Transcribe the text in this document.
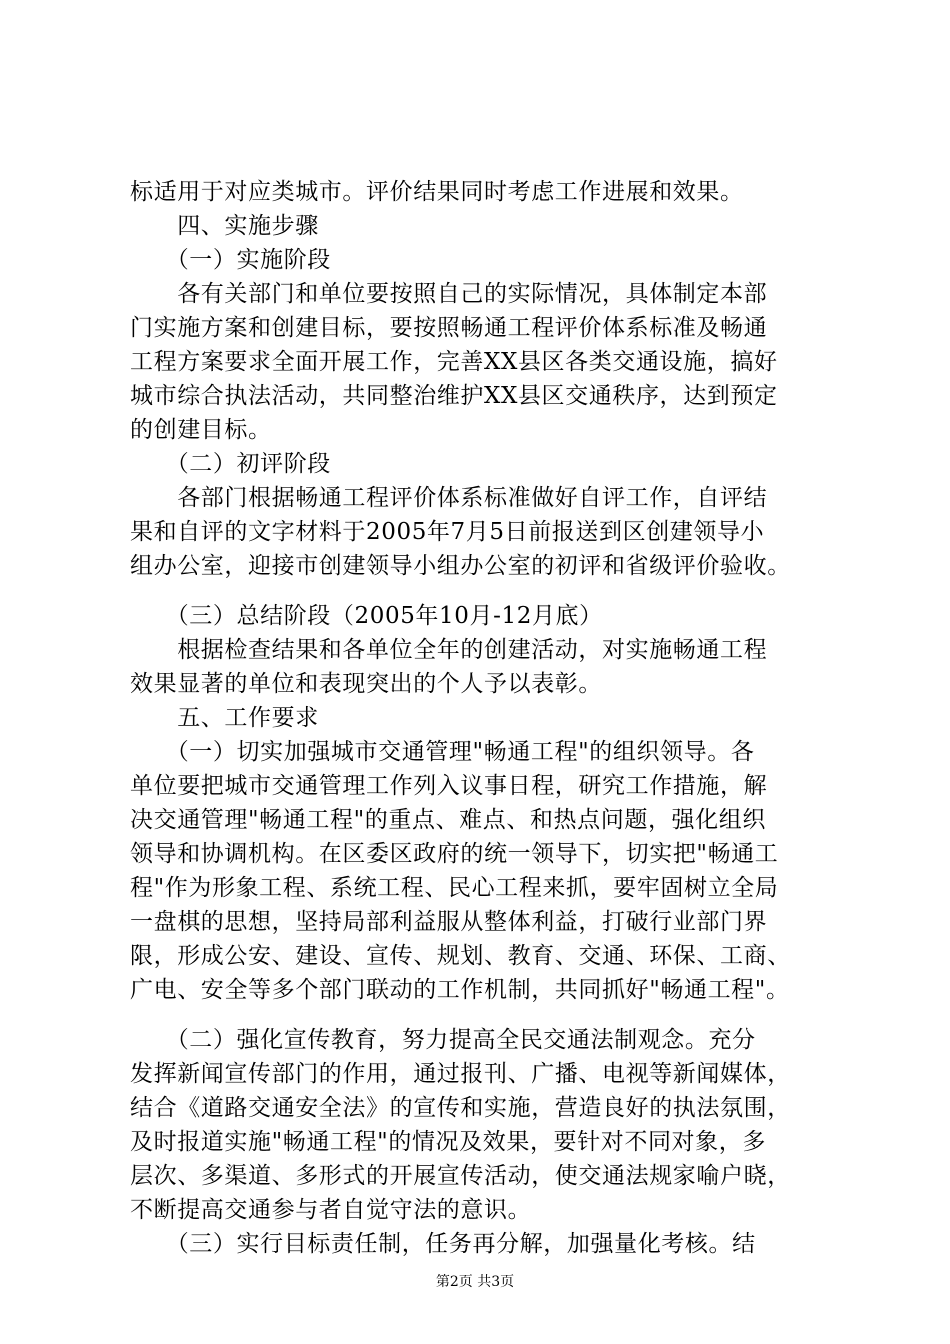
标适用于对应类城市。评价结果同时考虑工作进展和效果。
　　四、实施步骤
　　（一）实施阶段
　　各有关部门和单位要按照自己的实际情况，具体制定本部
门实施方案和创建目标，要按照畅通工程评价体系标准及畅通
工程方案要求全面开展工作，完善XX县区各类交通设施，搞好
城市综合执法活动，共同整治维护XX县区交通秩序，达到预定
的创建目标。
　　（二）初评阶段
　　各部门根据畅通工程评价体系标准做好自评工作，自评结
果和自评的文字材料于2005年7月5日前报送到区创建领导小
组办公室，迎接市创建领导小组办公室的初评和省级评价验收。
　　（三）总结阶段（2005年10月-12月底）
　　根据检查结果和各单位全年的创建活动，对实施畅通工程
效果显著的单位和表现突出的个人予以表彰。
　　五、工作要求
　　（一）切实加强城市交通管理"畅通工程"的组织领导。各
单位要把城市交通管理工作列入议事日程，研究工作措施，解
决交通管理"畅通工程"的重点、难点、和热点问题，强化组织
领导和协调机构。在区委区政府的统一领导下，切实把"畅通工
程"作为形象工程、系统工程、民心工程来抓，要牢固树立全局
一盘棋的思想，坚持局部利益服从整体利益，打破行业部门界
限，形成公安、建设、宣传、规划、教育、交通、环保、工商、
广电、安全等多个部门联动的工作机制，共同抓好"畅通工程"。
　　（二）强化宣传教育，努力提高全民交通法制观念。充分
发挥新闻宣传部门的作用，通过报刊、广播、电视等新闻媒体，
结合《道路交通安全法》的宣传和实施，营造良好的执法氛围，
及时报道实施"畅通工程"的情况及效果，要针对不同对象，多
层次、多渠道、多形式的开展宣传活动，使交通法规家喻户晓，
不断提高交通参与者自觉守法的意识。
　　（三）实行目标责任制，任务再分解，加强量化考核。结
第2页 共3页
